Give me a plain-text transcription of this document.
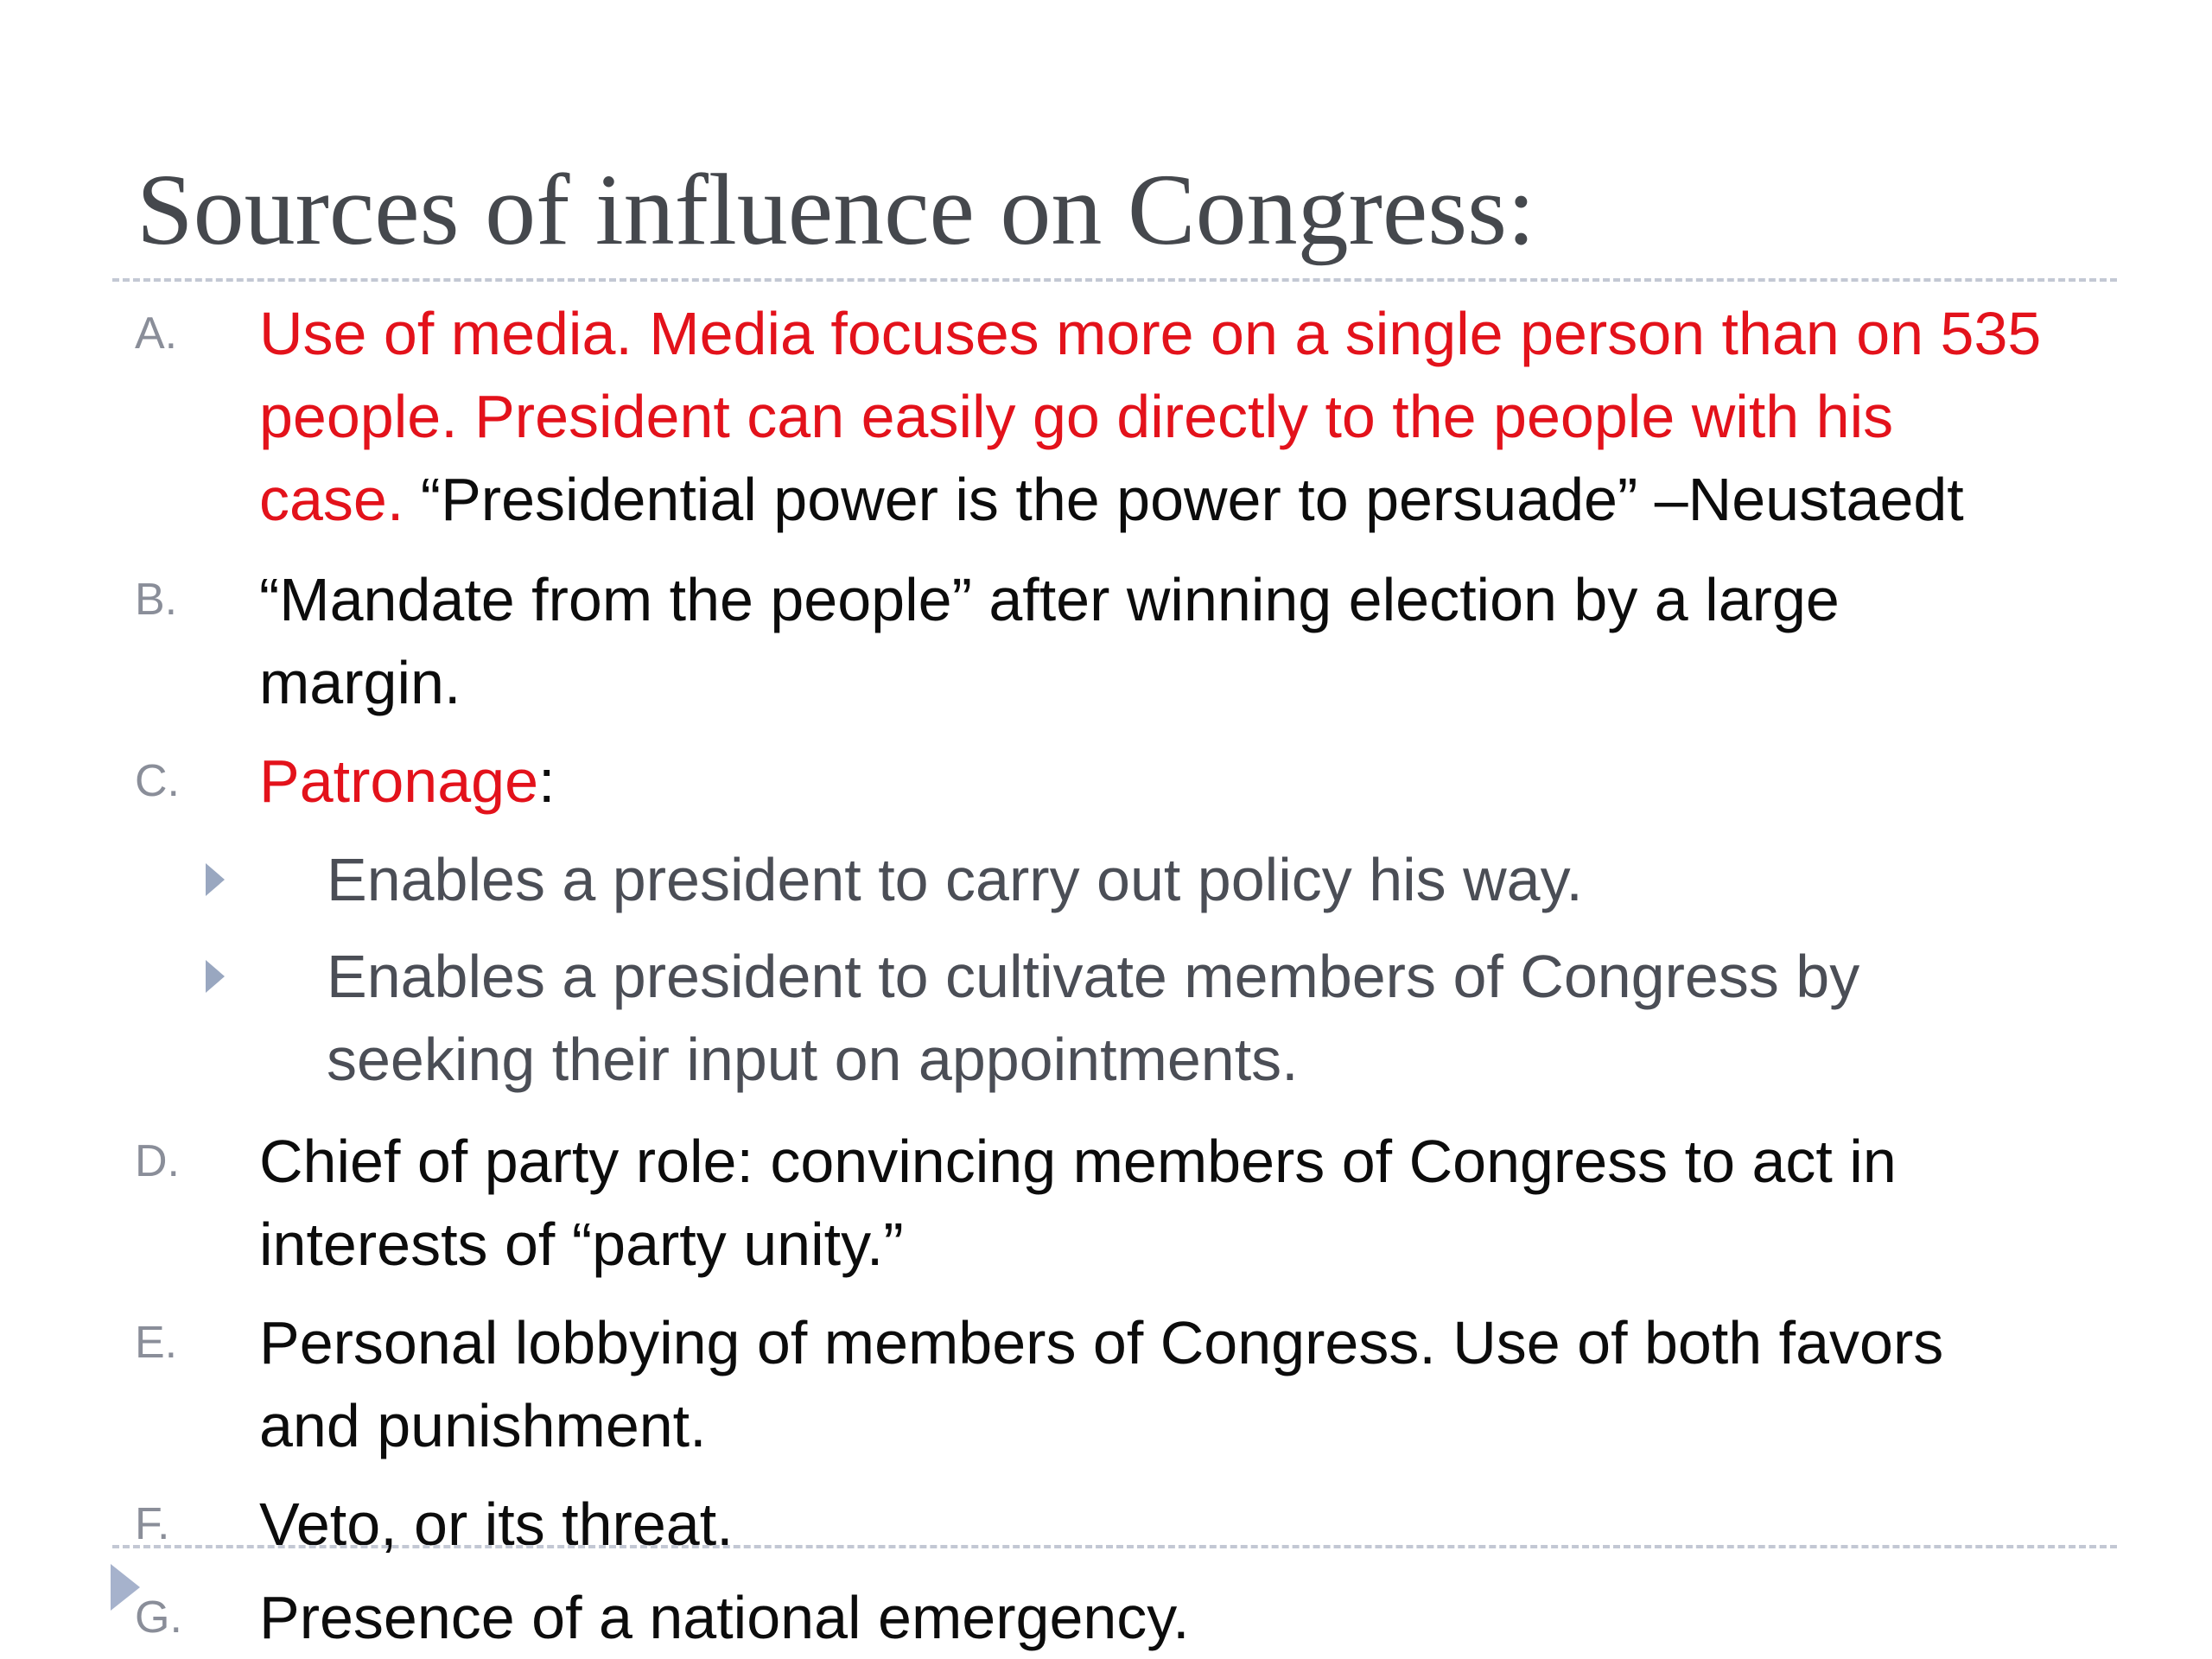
Sources of influence on Congress:
A. Use of media. Media focuses more on a single person than on 535
people. President can easily go directly to the people with his
case. “Presidential power is the power to persuade” –Neustaedt
B. “Mandate from the people” after winning election by a large
margin.
C. Patronage:
Enables a president to carry out policy his way.
Enables a president to cultivate members of Congress by
seeking their input on appointments.
D. Chief of party role: convincing members of Congress to act in
interests of “party unity.”
E. Personal lobbying of members of Congress. Use of both favors
and punishment.
F. Veto, or its threat.
G. Presence of a national emergency.
